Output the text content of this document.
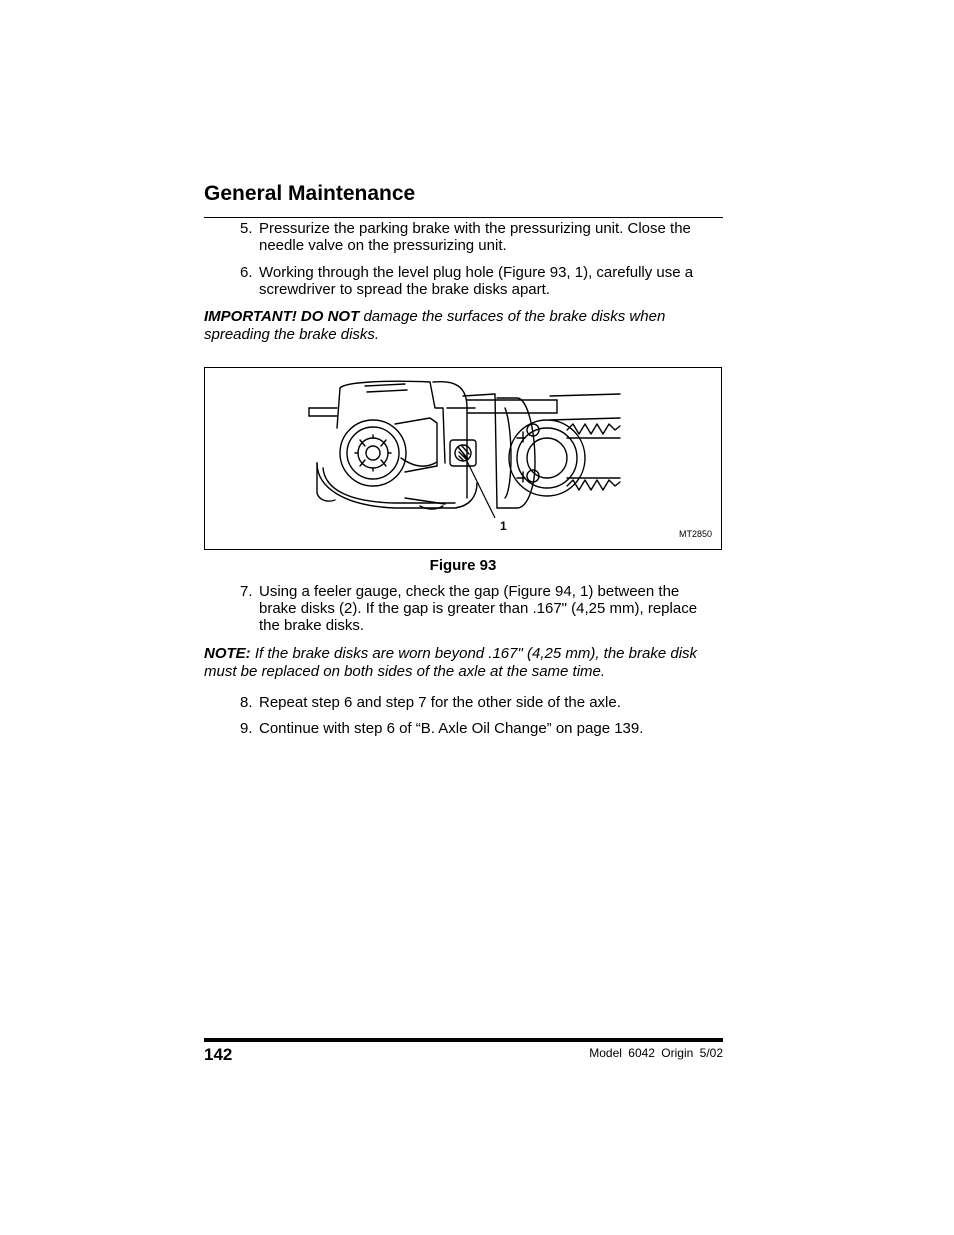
General Maintenance
5. Pressurize the parking brake with the pressurizing unit. Close the needle valve on the pressurizing unit.
6. Working through the level plug hole (Figure 93, 1), carefully use a screwdriver to spread the brake disks apart.
IMPORTANT! DO NOT damage the surfaces of the brake disks when spreading the brake disks.
1
MT2850
Figure 93
7. Using a feeler gauge, check the gap (Figure 94, 1) between the brake disks (2). If the gap is greater than .167" (4,25 mm), replace the brake disks.
NOTE: If the brake disks are worn beyond .167" (4,25 mm), the brake disk must be replaced on both sides of the axle at the same time.
8. Repeat step 6 and step 7 for the other side of the axle.
9. Continue with step 6 of “B. Axle Oil Change” on page 139.
142	Model 6042 Origin 5/02
